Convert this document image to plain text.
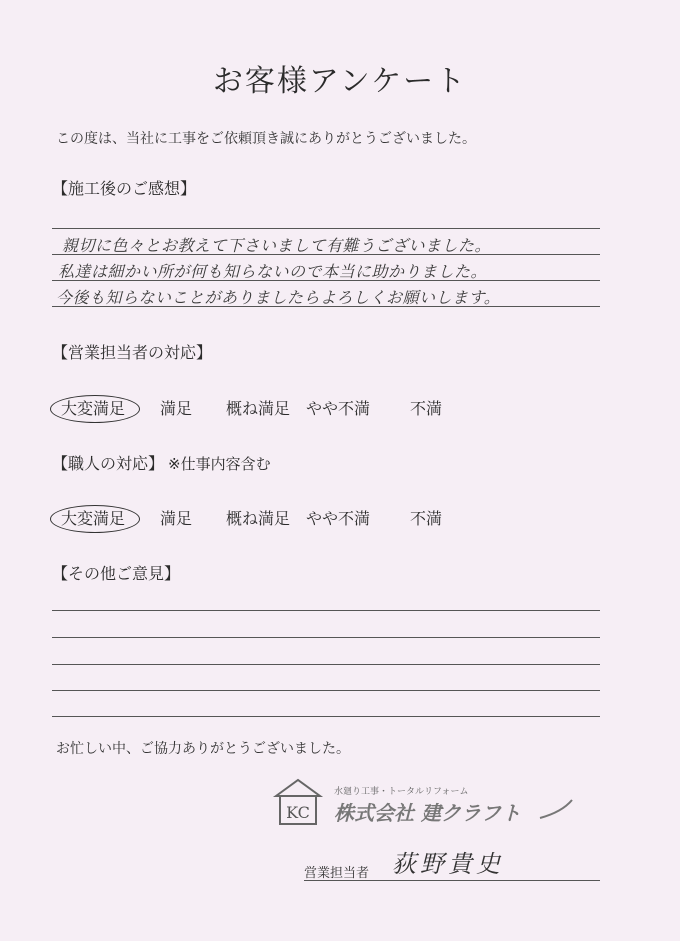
お客様アンケート
この度は、当社に工事をご依頼頂き誠にありがとうございました。
【施工後のご感想】
親切に色々とお教えて下さいまして有難うございました。
私達は細かい所が何も知らないので本当に助かりました。
今後も知らないことがありましたらよろしくお願いします。
【営業担当者の対応】
大変満足	満足 概ね満足 やや不満 不満
【職人の対応】 ※仕事内容含む
大変満足	満足 概ね満足 やや不満 不満
【その他ご意見】
お忙しい中、ご協力ありがとうございました。
KC
水廻り工事・トータルリフォーム
株式会社 建クラフト
営業担当者 荻野貴史
